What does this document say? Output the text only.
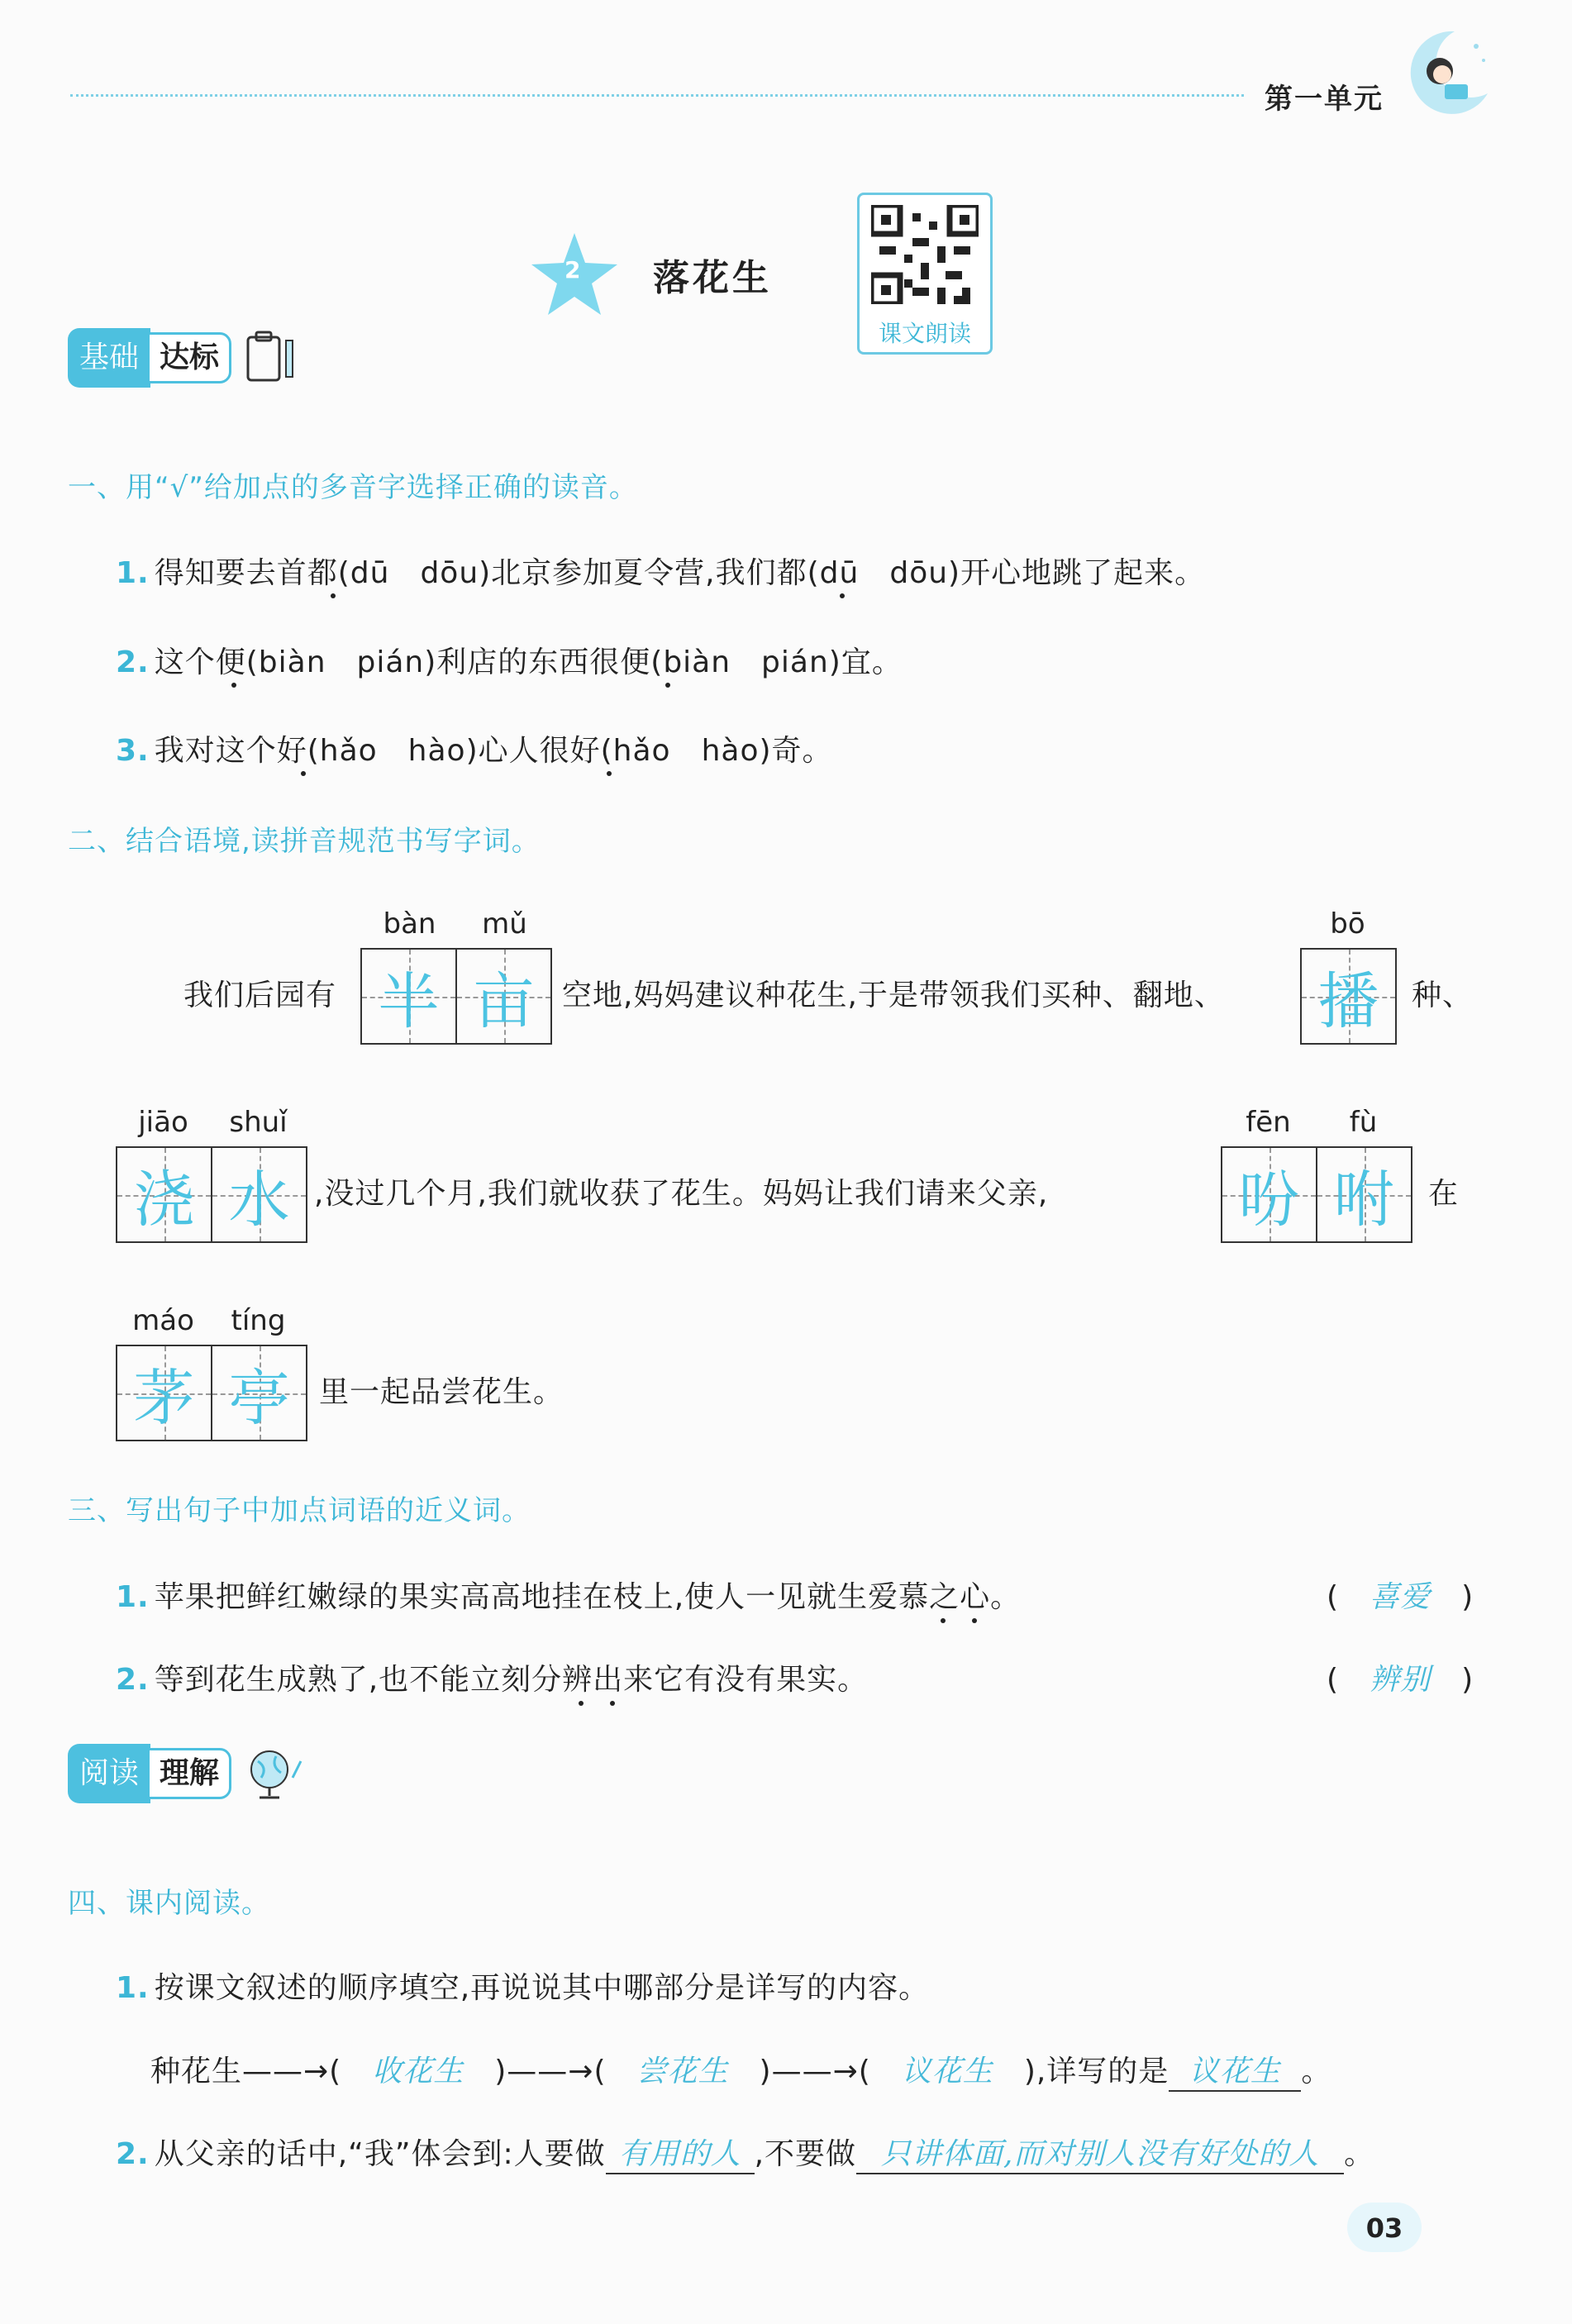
第一单元
2 落花生
课文朗读
基础 达标
一、用“√”给加点的多音字选择正确的读音。
1. 得知要去首都(dū　dōu)北京参加夏令营,我们都(dū　dōu)开心地跳了起来。
2. 这个便(biàn　pián)利店的东西很便(biàn　pián)宜。
3. 我对这个好(hǎo　hào)心人很好(hǎo　hào)奇。
二、结合语境,读拼音规范书写字词。
bàn	mǔ
我们后园有 半 亩 空地,妈妈建议种花生,于是带领我们买种、翻地、
bō
播 种、
jiāo	shuǐ
浇 水 ,没过几个月,我们就收获了花生。妈妈让我们请来父亲,
fēn	fù
吩 咐 在
máo	tíng
茅 亭 里一起品尝花生。
三、写出句子中加点词语的近义词。
1. 苹果把鲜红嫩绿的果实高高地挂在枝上,使人一见就生爱慕之心。	(　喜爱　)
2. 等到花生成熟了,也不能立刻分辨出来它有没有果实。	(　辨别　)
阅读 理解
四、课内阅读。
1. 按课文叙述的顺序填空,再说说其中哪部分是详写的内容。
种花生——→(　收花生　)——→(　尝花生　)——→(　议花生　),详写的是 议花生 。
2. 从父亲的话中,“我”体会到:人要做 有用的人 ,不要做 只讲体面,而对别人没有好处的人 。
03
